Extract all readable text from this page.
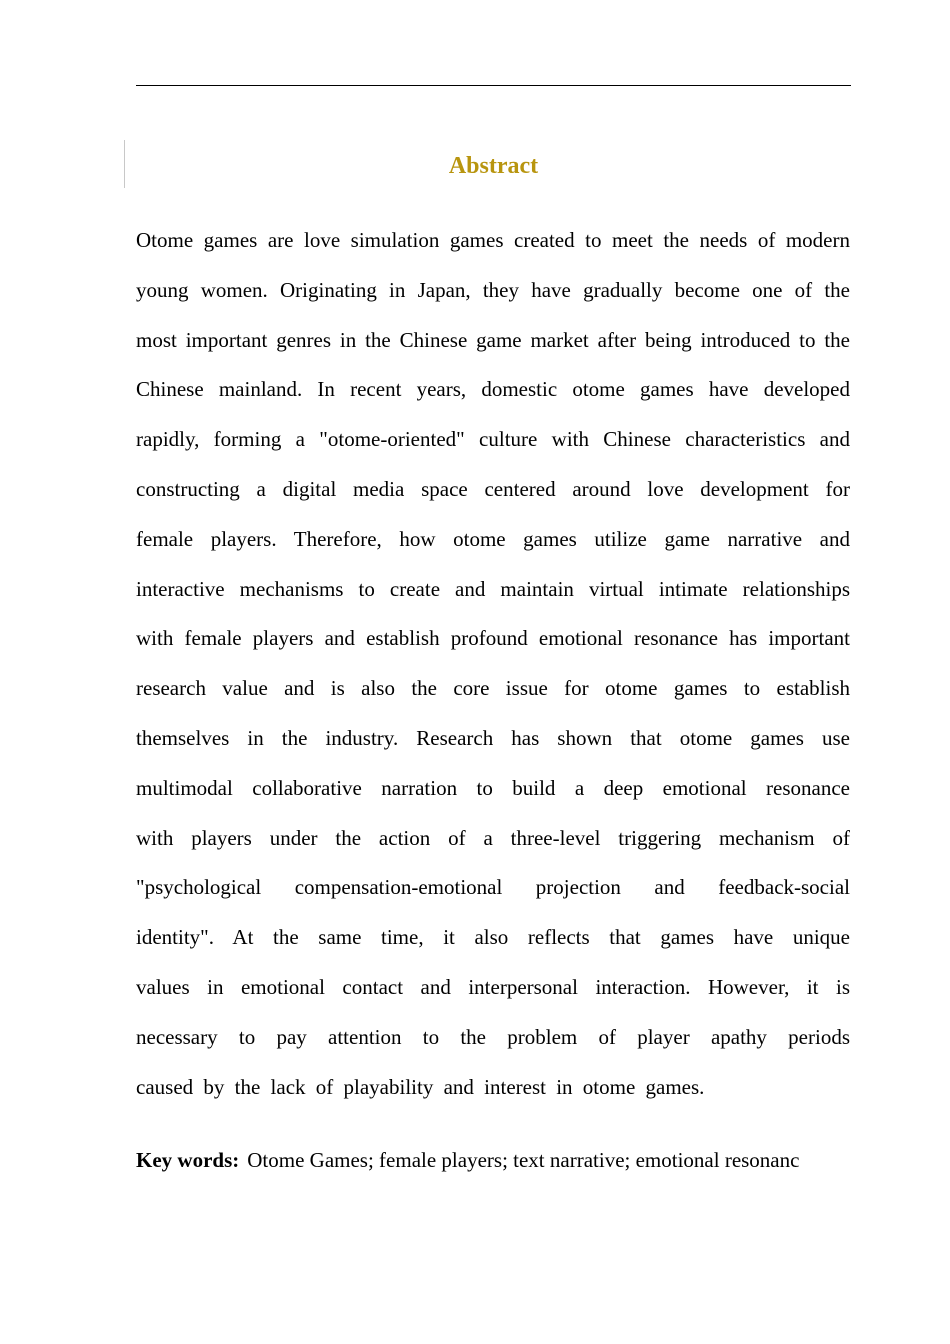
Abstract
Otome games are love simulation games created to meet the needs of modern
young women. Originating in Japan, they have gradually become one of the
most important genres in the Chinese game market after being introduced to the
Chinese mainland. In recent years, domestic otome games have developed
rapidly, forming a "otome-oriented" culture with Chinese characteristics and
constructing a digital media space centered around love development for
female players. Therefore, how otome games utilize game narrative and
interactive mechanisms to create and maintain virtual intimate relationships
with female players and establish profound emotional resonance has important
research value and is also the core issue for otome games to establish
themselves in the industry. Research has shown that otome games use
multimodal collaborative narration to build a deep emotional resonance
with players under the action of a three-level triggering mechanism of
"psychological compensation-emotional projection and feedback-social
identity". At the same time, it also reflects that games have unique
values in emotional contact and interpersonal interaction. However, it is
necessary to pay attention to the problem of player apathy periods
caused by the lack of playability and interest in otome games.

Key words: Otome Games; female players; text narrative; emotional resonanc
